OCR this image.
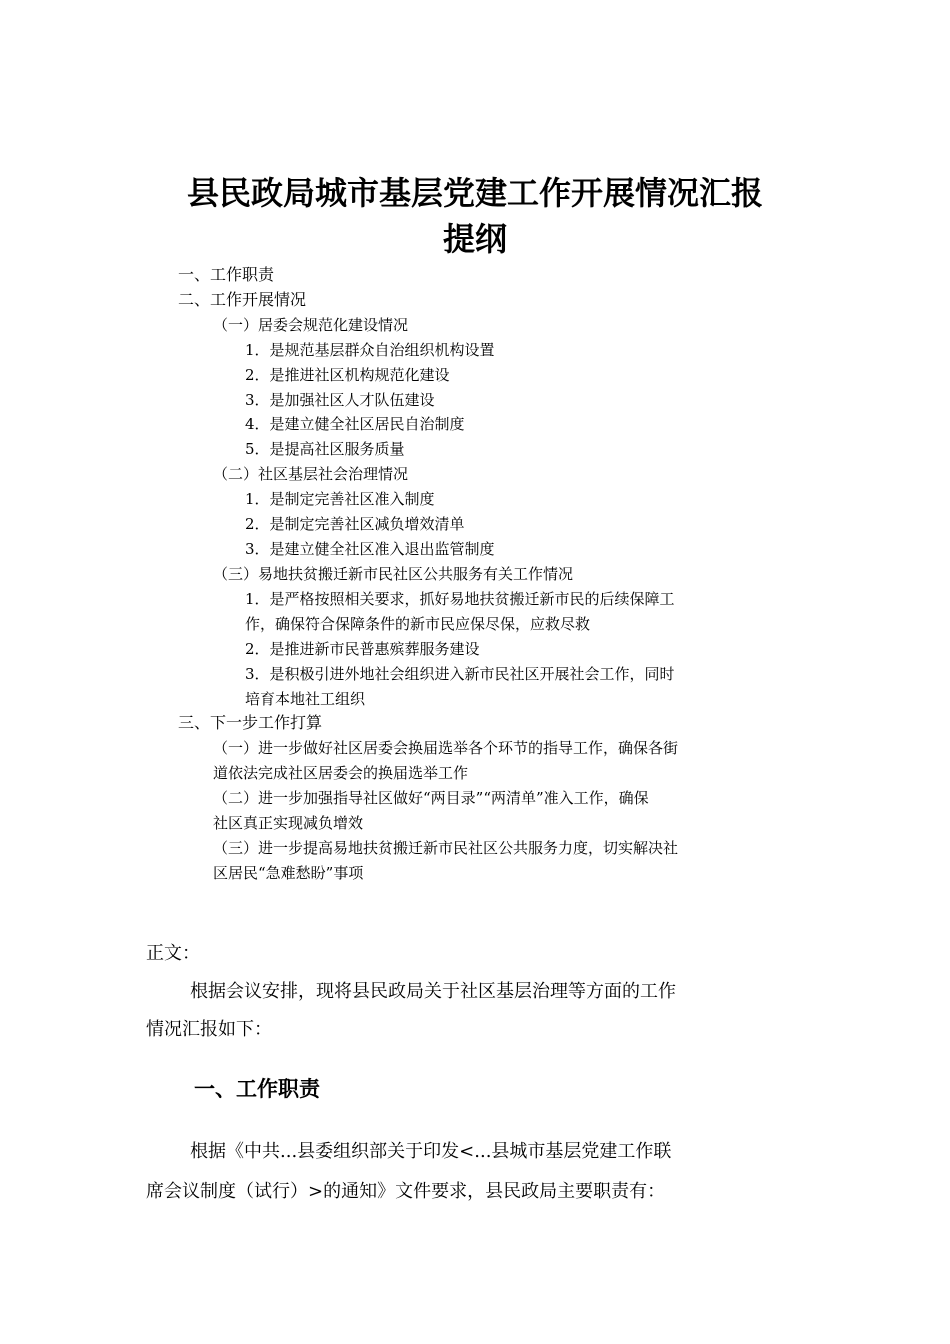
县民政局城市基层党建工作开展情况汇报
提纲
一、工作职责
二、工作开展情况
（一）居委会规范化建设情况
1．是规范基层群众自治组织机构设置
2．是推进社区机构规范化建设
3．是加强社区人才队伍建设
4．是建立健全社区居民自治制度
5．是提高社区服务质量
（二）社区基层社会治理情况
1．是制定完善社区准入制度
2．是制定完善社区减负增效清单
3．是建立健全社区准入退出监管制度
（三）易地扶贫搬迁新市民社区公共服务有关工作情况
1．是严格按照相关要求，抓好易地扶贫搬迁新市民的后续保障工
作，确保符合保障条件的新市民应保尽保，应救尽救
2．是推进新市民普惠殡葬服务建设
3．是积极引进外地社会组织进入新市民社区开展社会工作，同时
培育本地社工组织
三、下一步工作打算
（一）进一步做好社区居委会换届选举各个环节的指导工作，确保各街
道依法完成社区居委会的换届选举工作
（二）进一步加强指导社区做好“两目录”“两清单”准入工作，确保
社区真正实现减负增效
（三）进一步提高易地扶贫搬迁新市民社区公共服务力度，切实解决社
区居民“急难愁盼”事项
正文：
根据会议安排，现将县民政局关于社区基层治理等方面的工作
情况汇报如下：
一、工作职责
根据《中共...县委组织部关于印发<...县城市基层党建工作联
席会议制度（试行）>的通知》文件要求，县民政局主要职责有：
